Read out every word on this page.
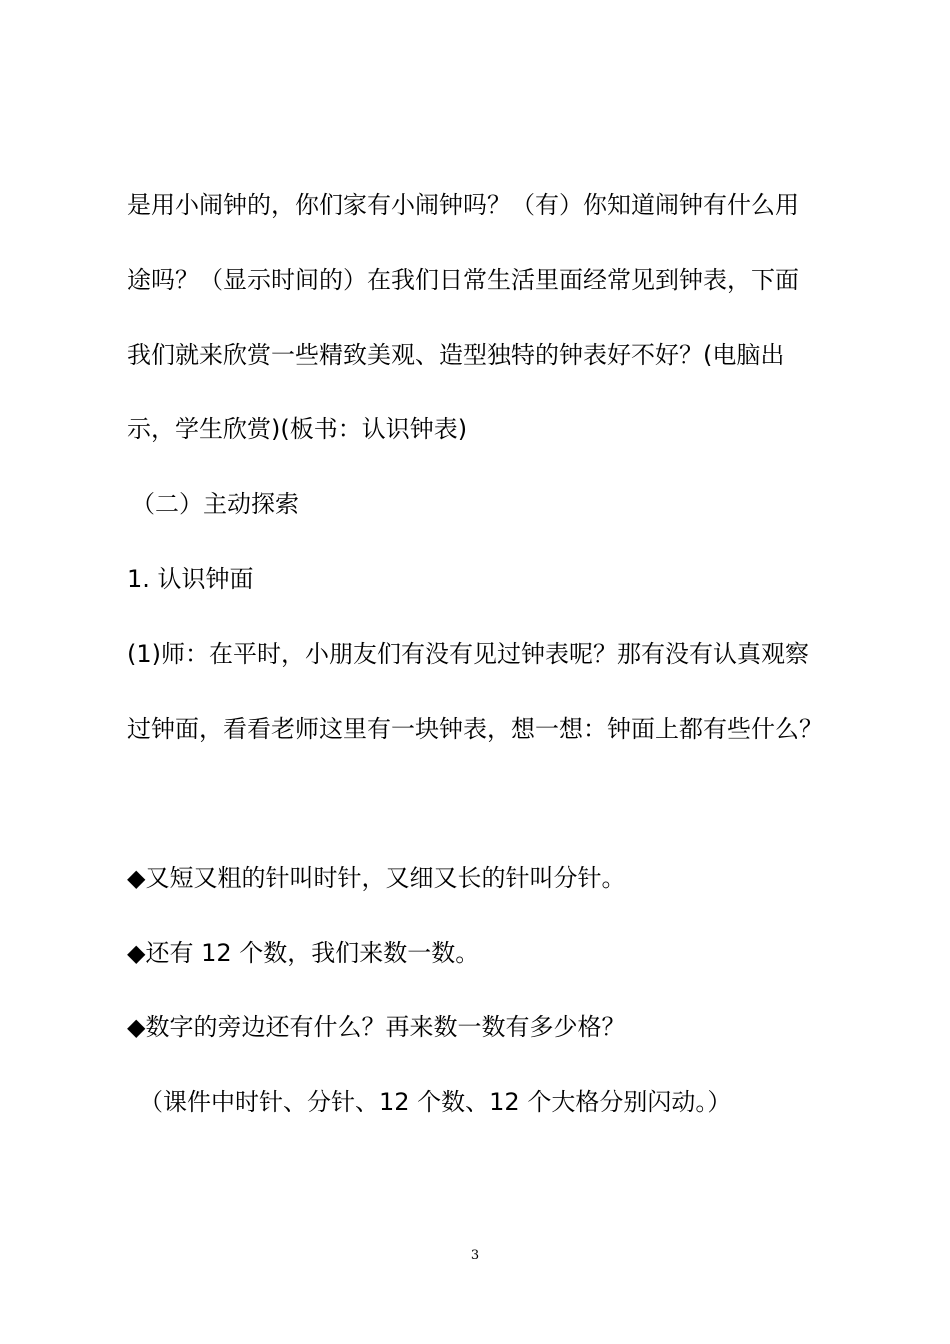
是用小闹钟的，你们家有小闹钟吗？（有）你知道闹钟有什么用
途吗？（显示时间的）在我们日常生活里面经常见到钟表，下面
我们就来欣赏一些精致美观、造型独特的钟表好不好？(电脑出
示，学生欣赏)(板书：认识钟表)
（二）主动探索
1. 认识钟面
(1)师：在平时，小朋友们有没有见过钟表呢？那有没有认真观察
过钟面，看看老师这里有一块钟表，想一想：钟面上都有些什么？
◆又短又粗的针叫时针，又细又长的针叫分针。
◆还有 12 个数，我们来数一数。
◆数字的旁边还有什么？再来数一数有多少格？
（课件中时针、分针、12 个数、12 个大格分别闪动。）
3
